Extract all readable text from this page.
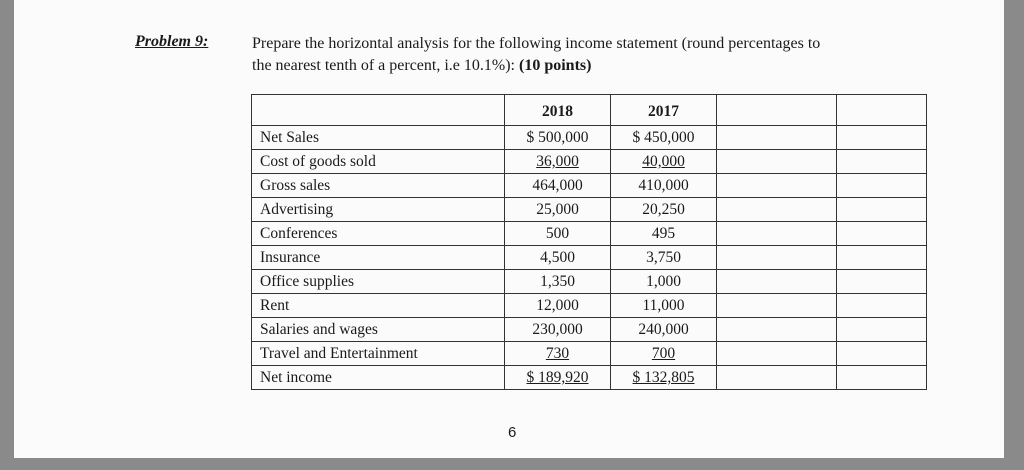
Problem 9:	Prepare the horizontal analysis for the following income statement (round percentages to
the nearest tenth of a percent, i.e 10.1%): (10 points)
	2018	2017		
Net Sales	$ 500,000	$ 450,000		
Cost of goods sold	36,000	40,000		
Gross sales	464,000	410,000		
Advertising	25,000	20,250		
Conferences	500	495		
Insurance	4,500	3,750		
Office supplies	1,350	1,000		
Rent	12,000	11,000		
Salaries and wages	230,000	240,000		
Travel and Entertainment	730	700		
Net income	$ 189,920	$ 132,805		
6
